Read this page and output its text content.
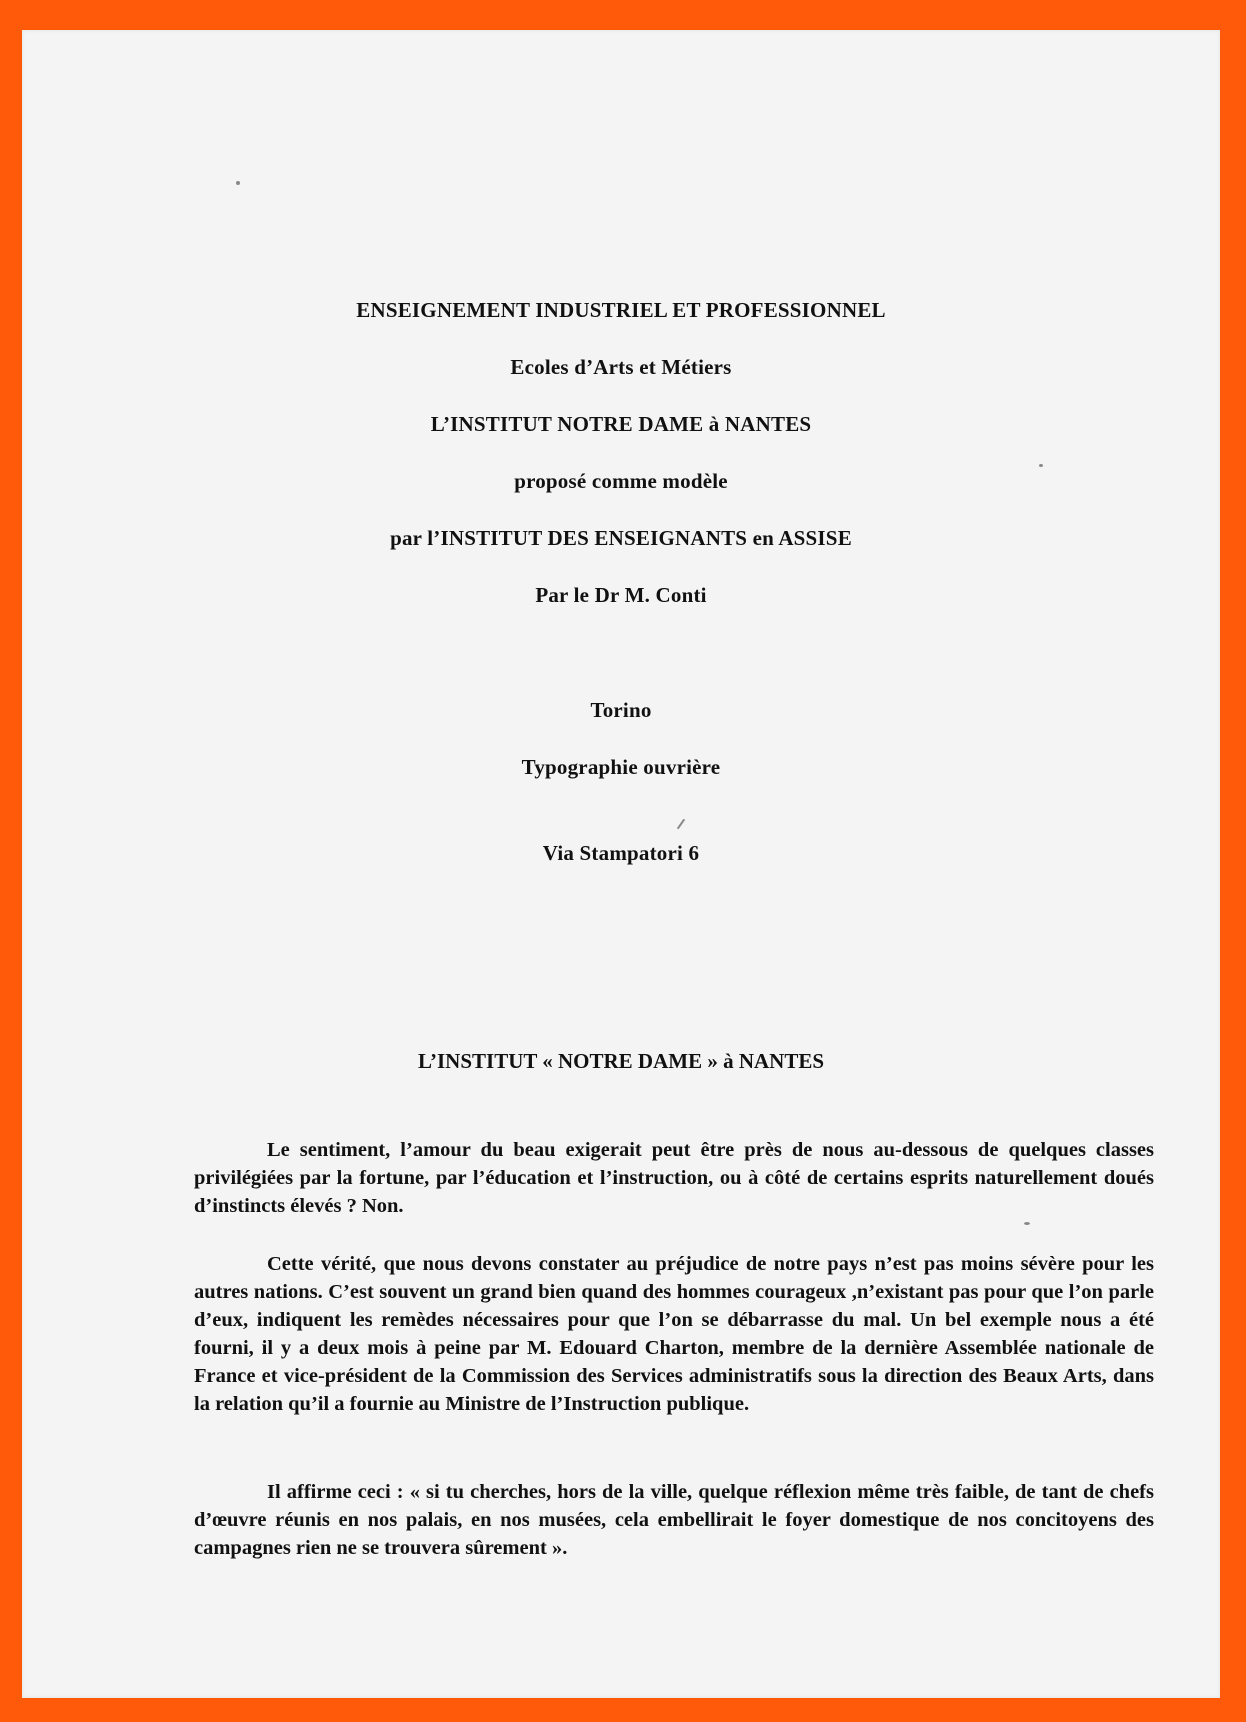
ENSEIGNEMENT INDUSTRIEL ET PROFESSIONNEL
Ecoles d’Arts et Métiers
L’INSTITUT NOTRE DAME à NANTES
proposé comme modèle
par l’INSTITUT DES ENSEIGNANTS en ASSISE
Par le Dr M. Conti
Torino
Typographie ouvrière
Via Stampatori 6
L’INSTITUT « NOTRE DAME » à NANTES

Le sentiment, l’amour du beau exigerait peut être près de nous au-dessous de quelques classes privilégiées par la fortune, par l’éducation et l’instruction, ou à côté de certains esprits naturellement doués d’instincts élevés ? Non.

Cette vérité, que nous devons constater au préjudice de notre pays n’est pas moins sévère pour les autres nations. C’est souvent un grand bien quand des hommes courageux ,n’existant pas pour que l’on parle d’eux, indiquent les remèdes nécessaires pour que l’on se débarrasse du mal. Un bel exemple nous a été fourni, il y a deux mois à peine par M. Edouard Charton, membre de la dernière Assemblée nationale de France et vice-président de la Commission des Services administratifs sous la direction des Beaux Arts, dans la relation qu’il a fournie au Ministre de l’Instruction publique.

Il affirme ceci : « si tu cherches, hors de la ville, quelque réflexion même très faible, de tant de chefs d’œuvre réunis en nos palais, en nos musées, cela embellirait le foyer domestique de nos concitoyens des campagnes rien ne se trouvera sûrement ».
